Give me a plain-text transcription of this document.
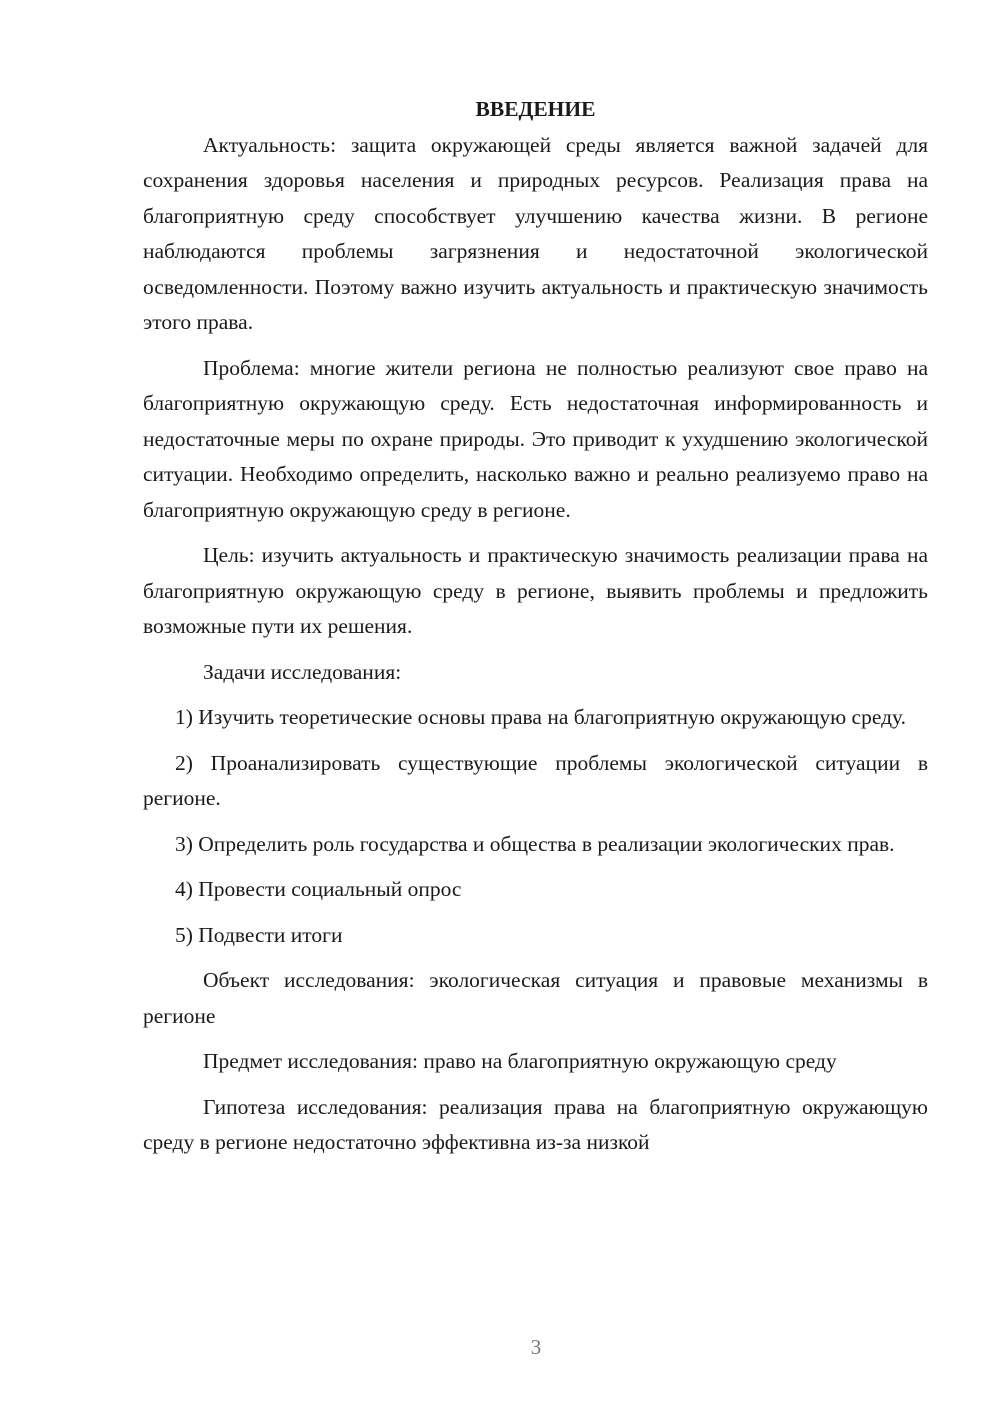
ВВЕДЕНИЕ

Актуальность: защита окружающей среды является важной задачей для сохранения здоровья населения и природных ресурсов. Реализация права на благоприятную среду способствует улучшению качества жизни. В регионе наблюдаются проблемы загрязнения и недостаточной экологической осведомленности. Поэтому важно изучить актуальность и практическую значимость этого права.

Проблема: многие жители региона не полностью реализуют свое право на благоприятную окружающую среду. Есть недостаточная информированность и недостаточные меры по охране природы. Это приводит к ухудшению экологической ситуации. Необходимо определить, насколько важно и реально реализуемо право на благоприятную окружающую среду в регионе.

Цель: изучить актуальность и практическую значимость реализации права на благоприятную окружающую среду в регионе, выявить проблемы и предложить возможные пути их решения.

Задачи исследования:

1) Изучить теоретические основы права на благоприятную окружающую среду.

2) Проанализировать существующие проблемы экологической ситуации в регионе.

3) Определить роль государства и общества в реализации экологических прав.

4) Провести социальный опрос

5) Подвести итоги

Объект исследования: экологическая ситуация и правовые механизмы в регионе

Предмет исследования: право на благоприятную окружающую среду

Гипотеза исследования: реализация права на благоприятную окружающую среду в регионе недостаточно эффективна из-за низкой

3
